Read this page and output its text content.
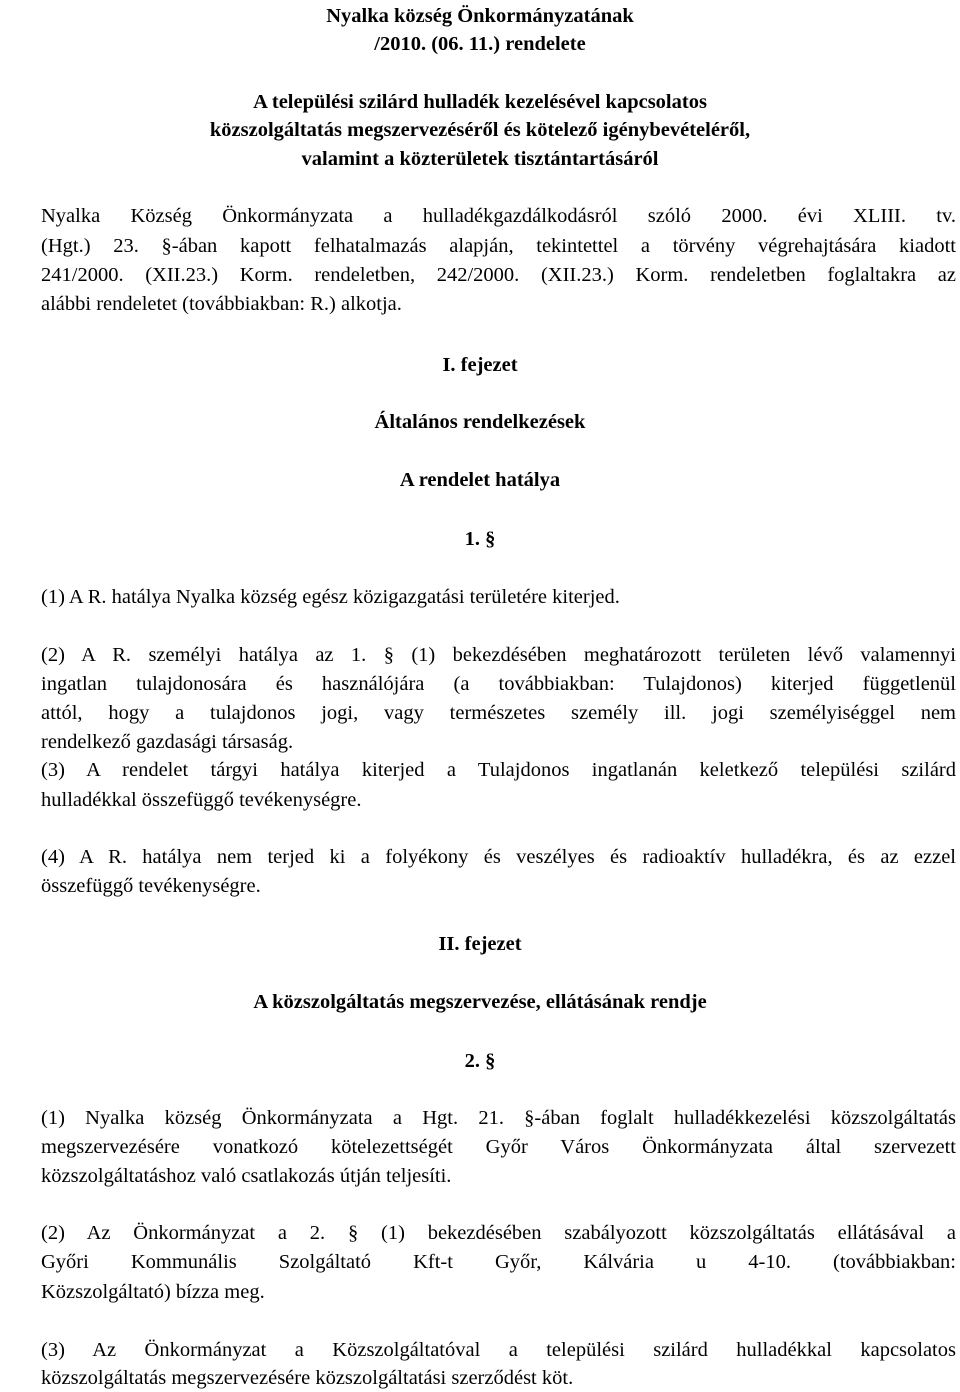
Nyalka község Önkormányzatának
/2010. (06. 11.) rendelete
A települési szilárd hulladék kezelésével kapcsolatos
közszolgáltatás megszervezéséről és kötelező igénybevételéről,
valamint a közterületek tisztántartásáról
Nyalka Község Önkormányzata a hulladékgazdálkodásról szóló 2000. évi XLIII. tv.
(Hgt.) 23. §-ában kapott felhatalmazás alapján, tekintettel a törvény végrehajtására kiadott
241/2000. (XII.23.) Korm. rendeletben, 242/2000. (XII.23.) Korm. rendeletben foglaltakra az
alábbi rendeletet (továbbiakban: R.) alkotja.
I. fejezet
Általános rendelkezések
A rendelet hatálya
1. §
(1) A R. hatálya Nyalka község egész közigazgatási területére kiterjed.
(2) A R. személyi hatálya az 1. § (1) bekezdésében meghatározott területen lévő valamennyi
ingatlan tulajdonosára és használójára (a továbbiakban: Tulajdonos) kiterjed függetlenül
attól, hogy a tulajdonos jogi, vagy természetes személy ill. jogi személyiséggel nem
rendelkező gazdasági társaság.
(3) A rendelet tárgyi hatálya kiterjed a Tulajdonos ingatlanán keletkező települési szilárd
hulladékkal összefüggő tevékenységre.
(4) A R. hatálya nem terjed ki a folyékony és veszélyes és radioaktív hulladékra, és az ezzel
összefüggő tevékenységre.
II. fejezet
A közszolgáltatás megszervezése, ellátásának rendje
2. §
(1) Nyalka község Önkormányzata a Hgt. 21. §-ában foglalt hulladékkezelési közszolgáltatás
megszervezésére vonatkozó kötelezettségét Győr Város Önkormányzata által szervezett
közszolgáltatáshoz való csatlakozás útján teljesíti.
(2) Az Önkormányzat a 2. § (1) bekezdésében szabályozott közszolgáltatás ellátásával a
Győri Kommunális Szolgáltató Kft-t Győr, Kálvária u 4-10. (továbbiakban:
Közszolgáltató) bízza meg.
(3) Az Önkormányzat a Közszolgáltatóval a települési szilárd hulladékkal kapcsolatos
közszolgáltatás megszervezésére közszolgáltatási szerződést köt.
